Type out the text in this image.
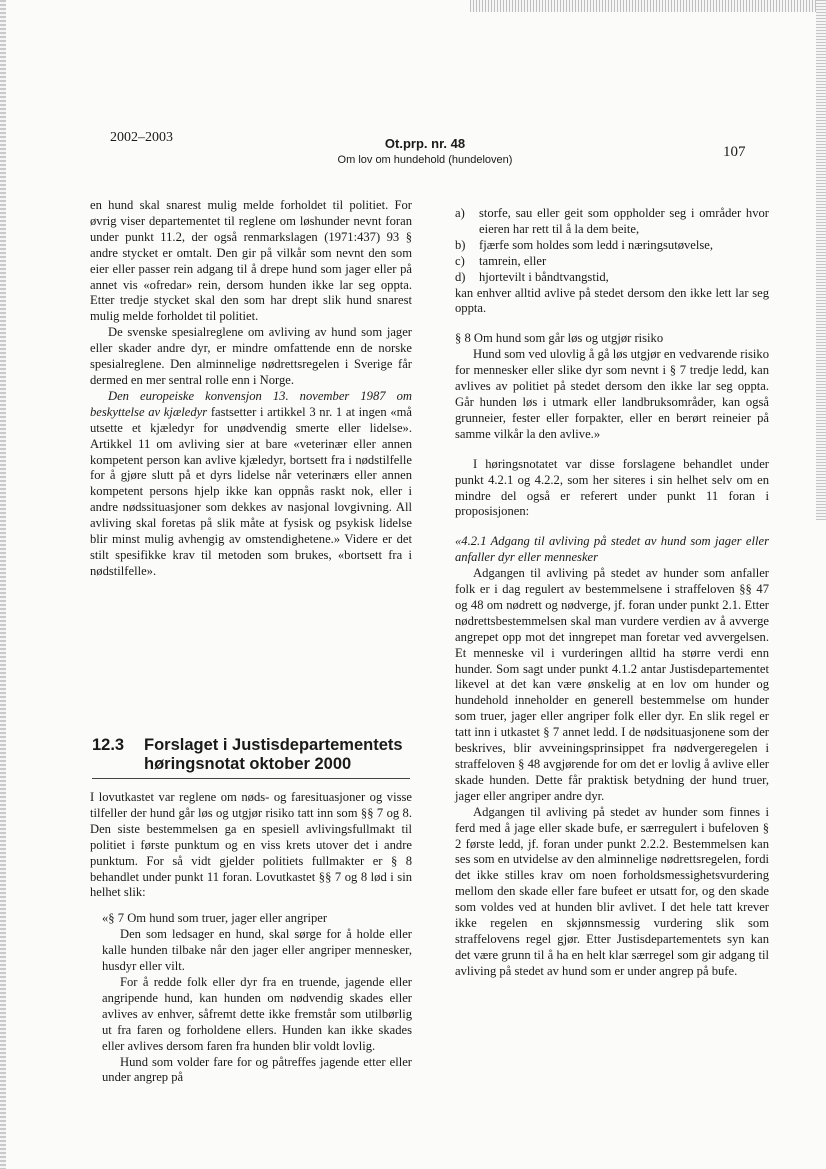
2002–2003	Ot.prp. nr. 48
Om lov om hundehold (hundeloven)	107

en hund skal snarest mulig melde forholdet til politiet. For øvrig viser departementet til reglene om løshunder nevnt foran under punkt 11.2, der også renmarkslagen (1971:437) 93 § andre stycket er omtalt. Den gir på vilkår som nevnt den som eier eller passer rein adgang til å drepe hund som jager eller på annet vis «ofredar» rein, dersom hunden ikke lar seg oppta. Etter tredje stycket skal den som har drept slik hund snarest mulig melde forholdet til politiet.

De svenske spesialreglene om avliving av hund som jager eller skader andre dyr, er mindre omfattende enn de norske spesialreglene. Den alminnelige nødrettsregelen i Sverige får dermed en mer sentral rolle enn i Norge.

Den europeiske konvensjon 13. november 1987 om beskyttelse av kjæledyr fastsetter i artikkel 3 nr. 1 at ingen «må utsette et kjæledyr for unødvendig smerte eller lidelse». Artikkel 11 om avliving sier at bare «veterinær eller annen kompetent person kan avlive kjæledyr, bortsett fra i nødstilfelle for å gjøre slutt på et dyrs lidelse når veterinærs eller annen kompetent persons hjelp ikke kan oppnås raskt nok, eller i andre nødssituasjoner som dekkes av nasjonal lovgivning. All avliving skal foretas på slik måte at fysisk og psykisk lidelse blir minst mulig avhengig av omstendighetene.» Videre er det stilt spesifikke krav til metoden som brukes, «bortsett fra i nødstilfelle».

12.3 Forslaget i Justisdepartementets høringsnotat oktober 2000

I lovutkastet var reglene om nøds- og faresituasjoner og visse tilfeller der hund går løs og utgjør risiko tatt inn som §§ 7 og 8. Den siste bestemmelsen ga en spesiell avlivingsfullmakt til politiet i første punktum og en viss krets utover det i andre punktum. For så vidt gjelder politiets fullmakter er § 8 behandlet under punkt 11 foran. Lovutkastet §§ 7 og 8 lød i sin helhet slik:

«§ 7 Om hund som truer, jager eller angriper

Den som ledsager en hund, skal sørge for å holde eller kalle hunden tilbake når den jager eller angriper mennesker, husdyr eller vilt.

For å redde folk eller dyr fra en truende, jagende eller angripende hund, kan hunden om nødvendig skades eller avlives av enhver, såfremt dette ikke fremstår som utilbørlig ut fra faren og forholdene ellers. Hunden kan ikke skades eller avlives dersom faren fra hunden blir voldt lovlig.

Hund som volder fare for og påtreffes jagende etter eller under angrep på

a)	storfe, sau eller geit som oppholder seg i områder hvor eieren har rett til å la dem beite,
b)	fjærfe som holdes som ledd i næringsutøvelse,
c)	tamrein, eller
d)	hjortevilt i båndtvangstid,

kan enhver alltid avlive på stedet dersom den ikke lett lar seg oppta.

§ 8 Om hund som går løs og utgjør risiko

Hund som ved ulovlig å gå løs utgjør en vedvarende risiko for mennesker eller slike dyr som nevnt i § 7 tredje ledd, kan avlives av politiet på stedet dersom den ikke lar seg oppta. Går hunden løs i utmark eller landbruksområder, kan også grunneier, fester eller forpakter, eller en berørt reineier på samme vilkår la den avlive.»

I høringsnotatet var disse forslagene behandlet under punkt 4.2.1 og 4.2.2, som her siteres i sin helhet selv om en mindre del også er referert under punkt 11 foran i proposisjonen:

«4.2.1 Adgang til avliving på stedet av hund som jager eller anfaller dyr eller mennesker

Adgangen til avliving på stedet av hunder som anfaller folk er i dag regulert av bestemmelsene i straffeloven §§ 47 og 48 om nødrett og nødverge, jf. foran under punkt 2.1. Etter nødrettsbestemmelsen skal man vurdere verdien av å avverge angrepet opp mot det inngrepet man foretar ved avvergelsen. Et menneske vil i vurderingen alltid ha større verdi enn hunder. Som sagt under punkt 4.1.2 antar Justisdepartementet likevel at det kan være ønskelig at en lov om hunder og hundehold inneholder en generell bestemmelse om hunder som truer, jager eller angriper folk eller dyr. En slik regel er tatt inn i utkastet § 7 annet ledd. I de nødsituasjonene som der beskrives, blir avveiningsprinsippet fra nødvergeregelen i straffeloven § 48 avgjørende for om det er lovlig å avlive eller skade hunden. Dette får praktisk betydning der hund truer, jager eller angriper andre dyr.

Adgangen til avliving på stedet av hunder som finnes i ferd med å jage eller skade bufe, er særregulert i bufeloven § 2 første ledd, jf. foran under punkt 2.2.2. Bestemmelsen kan ses som en utvidelse av den alminnelige nødrettsregelen, fordi det ikke stilles krav om noen forholdsmessighetsvurdering mellom den skade eller fare bufeet er utsatt for, og den skade som voldes ved at hunden blir avlivet. I det hele tatt krever ikke regelen en skjønnsmessig vurdering slik som straffelovens regel gjør. Etter Justisdepartementets syn kan det være grunn til å ha en helt klar særregel som gir adgang til avliving på stedet av hund som er under angrep på bufe.
